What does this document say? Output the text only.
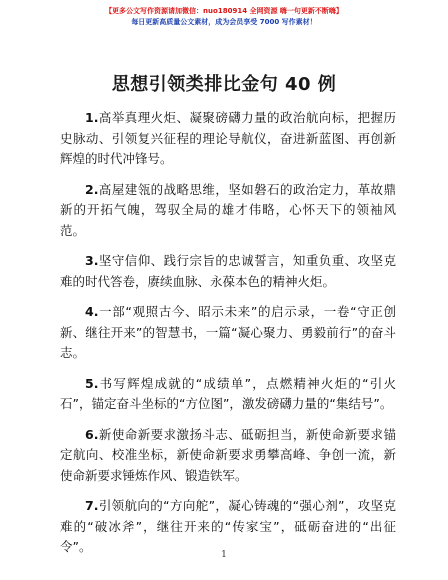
【更多公文写作资源请加微信：nuo180914 全网资源 嗨一句更新不断嗨】
每日更新高质量公文素材，成为会员享受 7000 写作素材！
思想引领类排比金句 40 例

1.高举真理火炬、凝聚磅礴力量的政治航向标，把握历史脉动、引领复兴征程的理论导航仪，奋进新蓝图、再创新辉煌的时代冲锋号。

2.高屋建瓴的战略思维，坚如磐石的政治定力，革故鼎新的开拓气魄，驾驭全局的雄才伟略，心怀天下的领袖风范。

3.坚守信仰、践行宗旨的忠诚誓言，知重负重、攻坚克难的时代答卷，赓续血脉、永葆本色的精神火炬。

4.一部“观照古今、昭示未来”的启示录，一卷“守正创新、继往开来”的智慧书，一篇“凝心聚力、勇毅前行”的奋斗志。

5.书写辉煌成就的“成绩单”，点燃精神火炬的“引火石”，锚定奋斗坐标的“方位图”，激发磅礴力量的“集结号”。

6.新使命新要求激扬斗志、砥砺担当，新使命新要求锚定航向、校准坐标，新使命新要求勇攀高峰、争创一流，新使命新要求锤炼作风、锻造铁军。

7.引领航向的“方向舵”，凝心铸魂的“强心剂”，攻坚克难的“破冰斧”，继往开来的“传家宝”，砥砺奋进的“出征令”。

1
